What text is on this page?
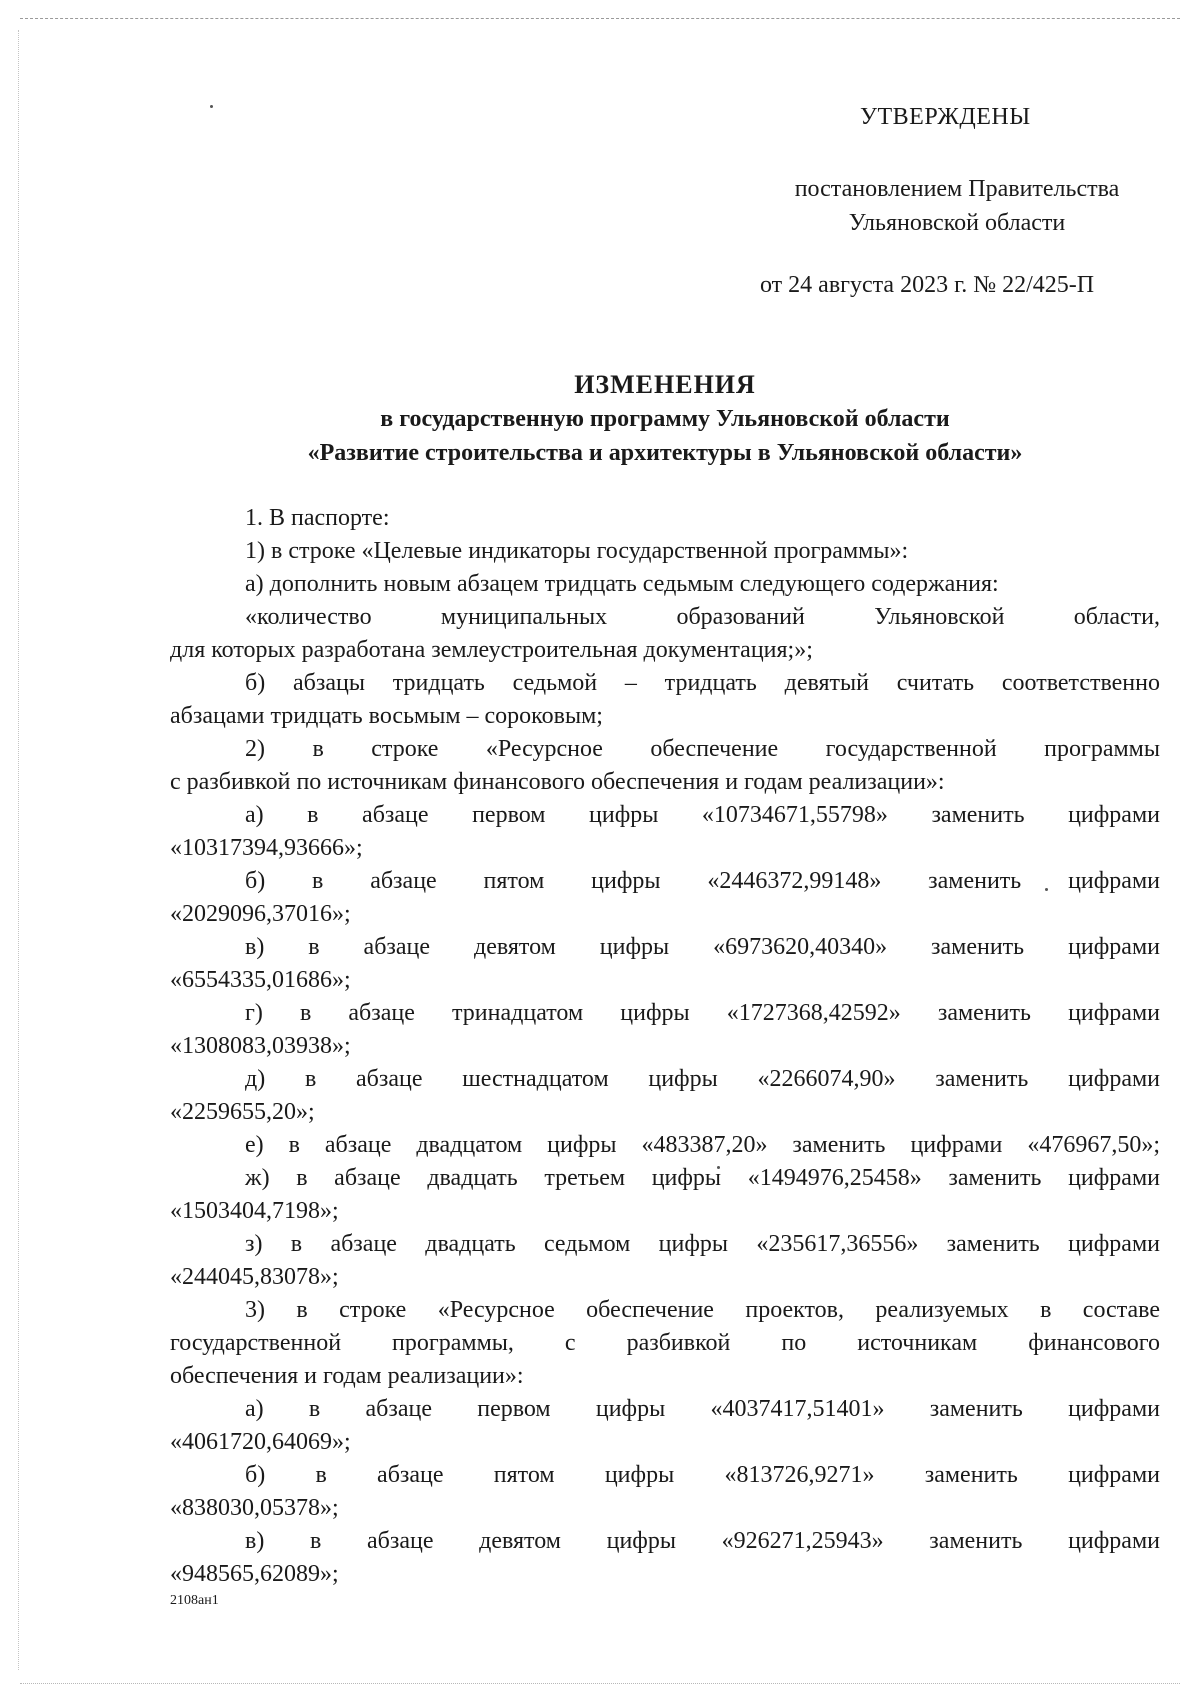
УТВЕРЖДЕНЫ
постановлением Правительства
Ульяновской области
от 24 августа 2023 г. № 22/425-П
ИЗМЕНЕНИЯ
в государственную программу Ульяновской области
«Развитие строительства и архитектуры в Ульяновской области»
1. В паспорте:
1) в строке «Целевые индикаторы государственной программы»:
а) дополнить новым абзацем тридцать седьмым следующего содержания:
«количество муниципальных образований Ульяновской области,
для которых разработана землеустроительная документация;»;
б) абзацы тридцать седьмой – тридцать девятый считать соответственно
абзацами тридцать восьмым – сороковым;
2) в строке «Ресурсное обеспечение государственной программы
с разбивкой по источникам финансового обеспечения и годам реализации»:
а) в абзаце первом цифры «10734671,55798» заменить цифрами
«10317394,93666»;
б) в абзаце пятом цифры «2446372,99148» заменить цифрами
«2029096,37016»;
в) в абзаце девятом цифры «6973620,40340» заменить цифрами
«6554335,01686»;
г) в абзаце тринадцатом цифры «1727368,42592» заменить цифрами
«1308083,03938»;
д) в абзаце шестнадцатом цифры «2266074,90» заменить цифрами
«2259655,20»;
е) в абзаце двадцатом цифры «483387,20» заменить цифрами «476967,50»;
ж) в абзаце двадцать третьем цифры «1494976,25458» заменить цифрами
«1503404,7198»;
з) в абзаце двадцать седьмом цифры «235617,36556» заменить цифрами
«244045,83078»;
3) в строке «Ресурсное обеспечение проектов, реализуемых в составе
государственной программы, с разбивкой по источникам финансового
обеспечения и годам реализации»:
а) в абзаце первом цифры «4037417,51401» заменить цифрами
«4061720,64069»;
б) в абзаце пятом цифры «813726,9271» заменить цифрами
«838030,05378»;
в) в абзаце девятом цифры «926271,25943» заменить цифрами
«948565,62089»;
2108ан1
